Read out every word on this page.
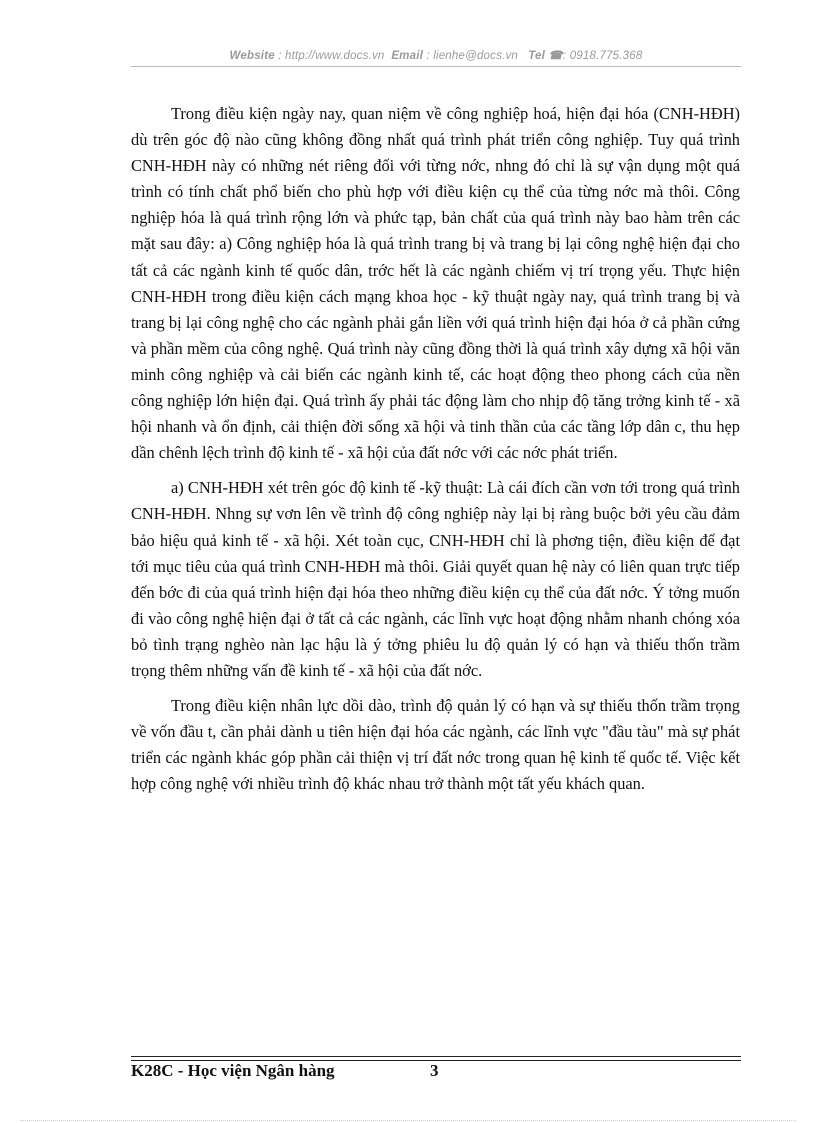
Website : http://www.docs.vn Email : lienhe@docs.vn Tel ☎: 0918.775.368

Trong điều kiện ngày nay, quan niệm về công nghiệp hoá, hiện đại hóa (CNH-HĐH) dù trên góc độ nào cũng không đồng nhất quá trình phát triển công nghiệp. Tuy quá trình CNH-HĐH này có những nét riêng đối với từng nớc, nhng đó chỉ là sự vận dụng một quá trình có tính chất phổ biến cho phù hợp với điều kiện cụ thể của từng nớc mà thôi. Công nghiệp hóa là quá trình rộng lớn và phức tạp, bản chất của quá trình này bao hàm trên các mặt sau đây: a) Công nghiệp hóa là quá trình trang bị và trang bị lại công nghệ hiện đại cho tất cả các ngành kinh tế quốc dân, trớc hết là các ngành chiếm vị trí trọng yếu. Thực hiện CNH-HĐH trong điều kiện cách mạng khoa học - kỹ thuật ngày nay, quá trình trang bị và trang bị lại công nghệ cho các ngành phải gắn liền với quá trình hiện đại hóa ở cả phần cứng và phần mềm của công nghệ. Quá trình này cũng đồng thời là quá trình xây dựng xã hội văn minh công nghiệp và cải biến các ngành kinh tế, các hoạt động theo phong cách của nền công nghiệp lớn hiện đại. Quá trình ấy phải tác động làm cho nhịp độ tăng trởng kinh tế - xã hội nhanh và ổn định, cải thiện đời sống xã hội và tinh thần của các tầng lớp dân c, thu hẹp dần chênh lệch trình độ kinh tế - xã hội của đất nớc với các nớc phát triển.

a) CNH-HĐH xét trên góc độ kinh tế -kỹ thuật: Là cái đích cần vơn tới trong quá trình CNH-HĐH. Nhng sự vơn lên về trình độ công nghiệp này lại bị ràng buộc bởi yêu cầu đảm bảo hiệu quả kinh tế - xã hội. Xét toàn cục, CNH-HĐH chỉ là phơng tiện, điều kiện để đạt tới mục tiêu của quá trình CNH-HĐH mà thôi. Giải quyết quan hệ này có liên quan trực tiếp đến bớc đi của quá trình hiện đại hóa theo những điều kiện cụ thể của đất nớc. Ý tởng muốn đi vào công nghệ hiện đại ở tất cả các ngành, các lĩnh vực hoạt động nhằm nhanh chóng xóa bỏ tình trạng nghèo nàn lạc hậu là ý tởng phiêu lu độ quản lý có hạn và thiếu thốn trầm trọng thêm những vấn đề kinh tế - xã hội của đất nớc.

Trong điều kiện nhân lực dồi dào, trình độ quản lý có hạn và sự thiếu thốn trầm trọng về vốn đầu t, cần phải dành u tiên hiện đại hóa các ngành, các lĩnh vực "đầu tàu" mà sự phát triển các ngành khác góp phần cải thiện vị trí đất nớc trong quan hệ kinh tế quốc tế. Việc kết hợp công nghệ với nhiều trình độ khác nhau trở thành một tất yếu khách quan.

K28C - Học viện Ngân hàng	3
